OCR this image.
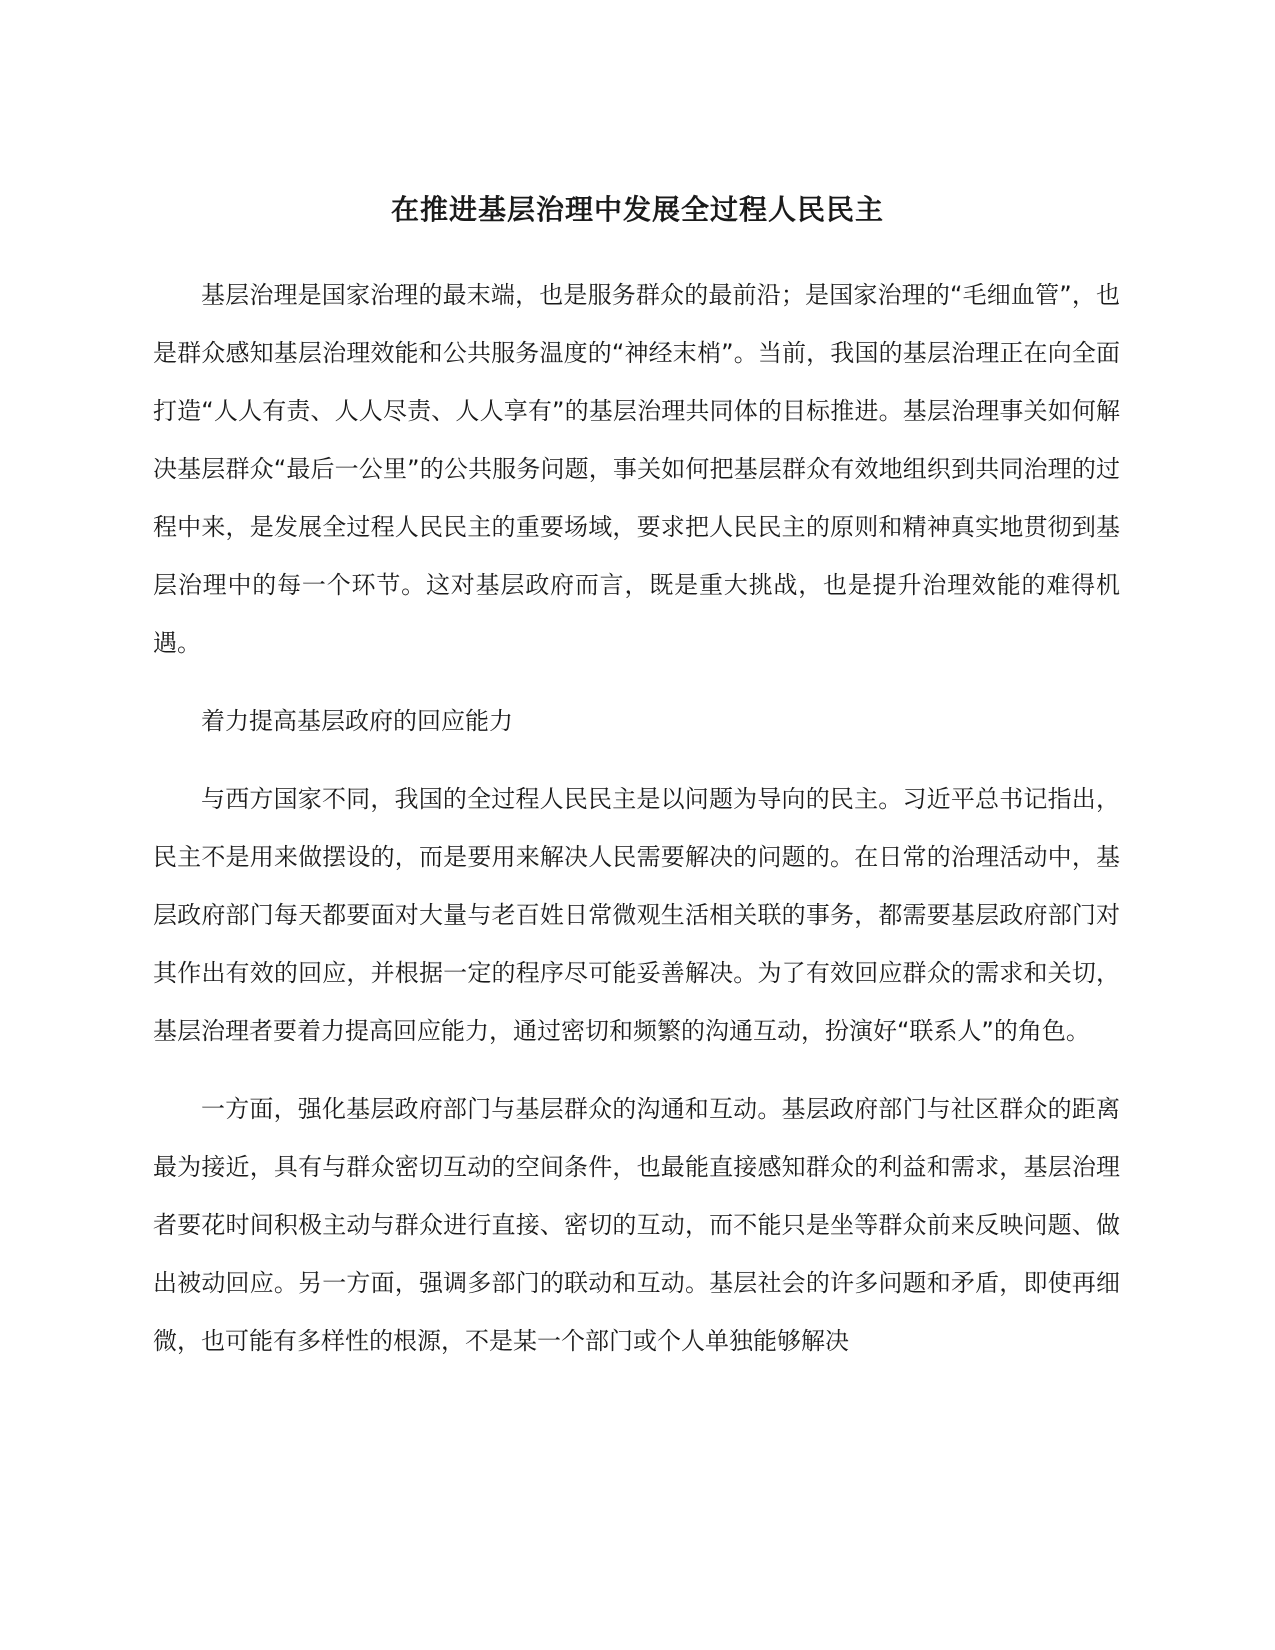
在推进基层治理中发展全过程人民民主

基层治理是国家治理的最末端，也是服务群众的最前沿；是国家治理的“毛细血管”，也是群众感知基层治理效能和公共服务温度的“神经末梢”。当前，我国的基层治理正在向全面打造“人人有责、人人尽责、人人享有”的基层治理共同体的目标推进。基层治理事关如何解决基层群众“最后一公里”的公共服务问题，事关如何把基层群众有效地组织到共同治理的过程中来，是发展全过程人民民主的重要场域，要求把人民民主的原则和精神真实地贯彻到基层治理中的每一个环节。这对基层政府而言，既是重大挑战，也是提升治理效能的难得机遇。

着力提高基层政府的回应能力

与西方国家不同，我国的全过程人民民主是以问题为导向的民主。习近平总书记指出，民主不是用来做摆设的，而是要用来解决人民需要解决的问题的。在日常的治理活动中，基层政府部门每天都要面对大量与老百姓日常微观生活相关联的事务，都需要基层政府部门对其作出有效的回应，并根据一定的程序尽可能妥善解决。为了有效回应群众的需求和关切，基层治理者要着力提高回应能力，通过密切和频繁的沟通互动，扮演好“联系人”的角色。

一方面，强化基层政府部门与基层群众的沟通和互动。基层政府部门与社区群众的距离最为接近，具有与群众密切互动的空间条件，也最能直接感知群众的利益和需求，基层治理者要花时间积极主动与群众进行直接、密切的互动，而不能只是坐等群众前来反映问题、做出被动回应。另一方面，强调多部门的联动和互动。基层社会的许多问题和矛盾，即使再细微，也可能有多样性的根源，不是某一个部门或个人单独能够解决
